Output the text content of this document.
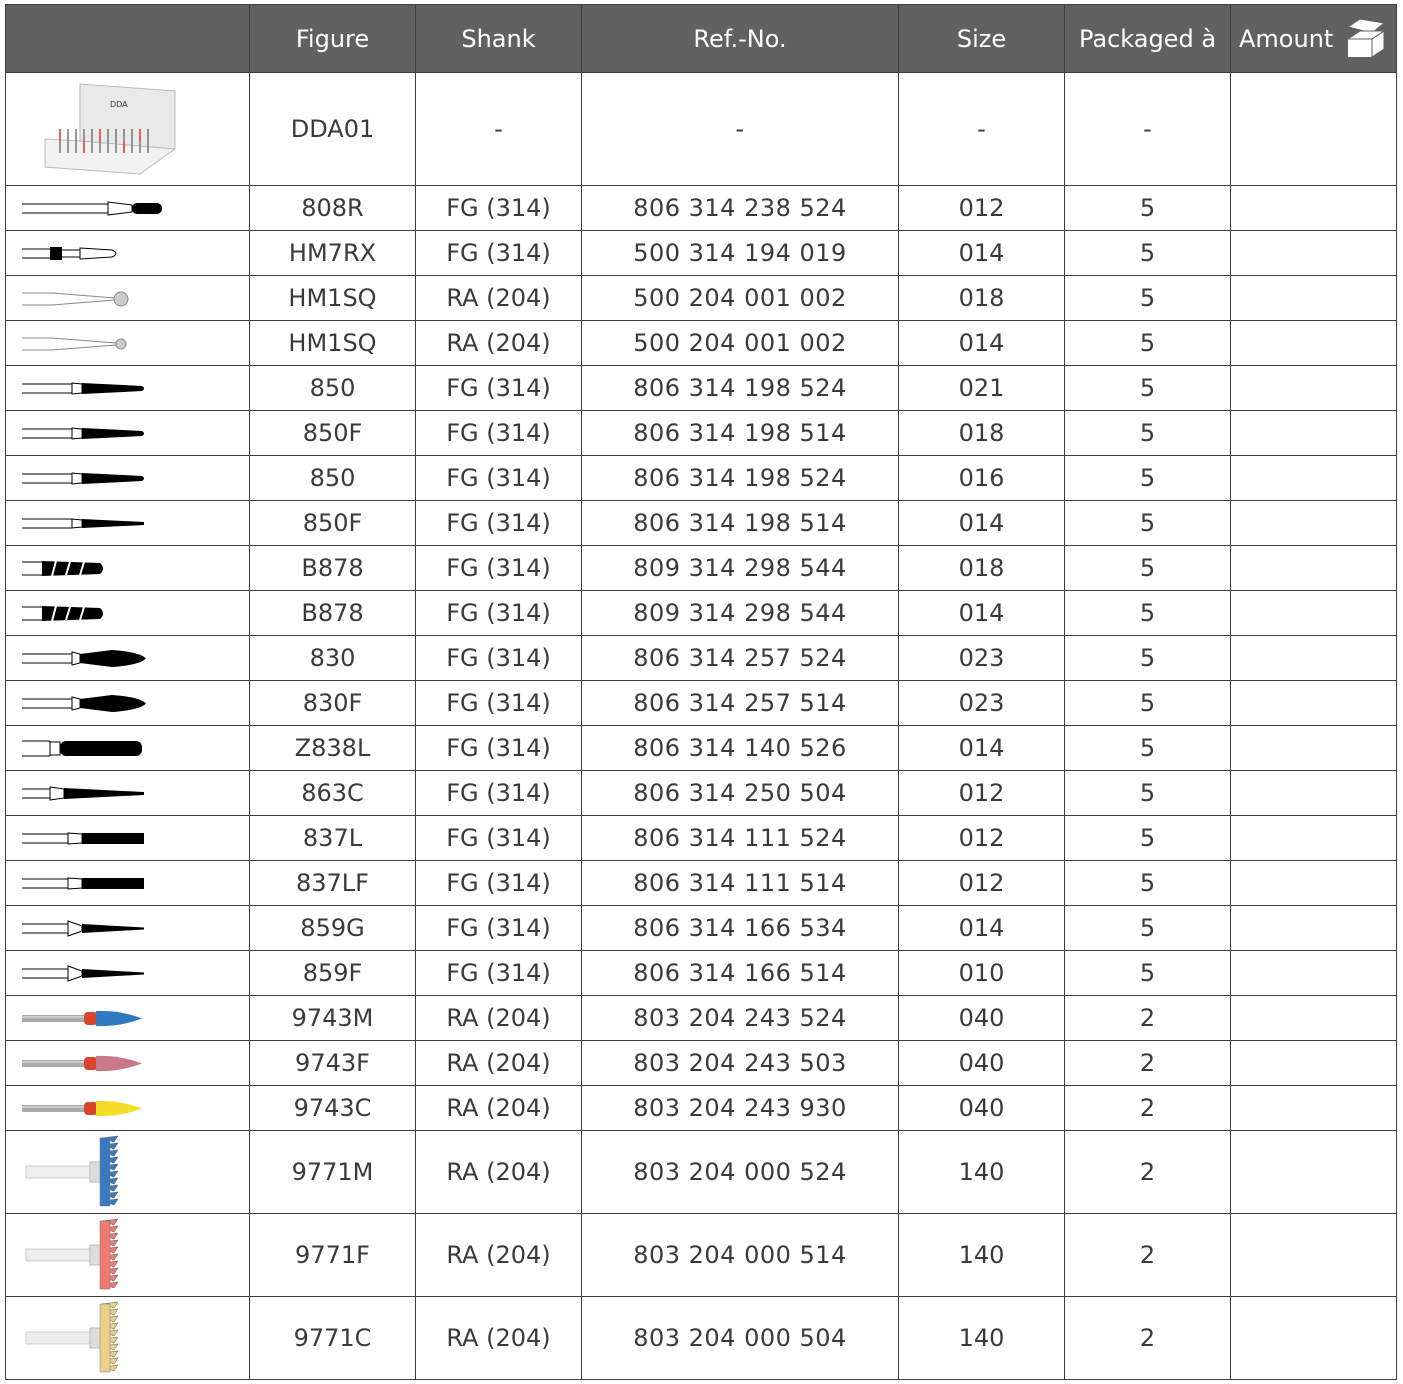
	Figure	Shank	Ref.-No.	Size	Packaged à	Amount

DDA	DDA01	-	-	-	-	

	808R	FG (314)	806 314 238 524	012	5	

	HM7RX	FG (314)	500 314 194 019	014	5	

	HM1SQ	RA (204)	500 204 001 002	018	5	

	HM1SQ	RA (204)	500 204 001 002	014	5	

	850	FG (314)	806 314 198 524	021	5	

	850F	FG (314)	806 314 198 514	018	5	

	850	FG (314)	806 314 198 524	016	5	

	850F	FG (314)	806 314 198 514	014	5	

	B878	FG (314)	809 314 298 544	018	5	

	B878	FG (314)	809 314 298 544	014	5	

	830	FG (314)	806 314 257 524	023	5	

	830F	FG (314)	806 314 257 514	023	5	

	Z838L	FG (314)	806 314 140 526	014	5	

	863C	FG (314)	806 314 250 504	012	5	

	837L	FG (314)	806 314 111 524	012	5	

	837LF	FG (314)	806 314 111 514	012	5	

	859G	FG (314)	806 314 166 534	014	5	

	859F	FG (314)	806 314 166 514	010	5	

	9743M	RA (204)	803 204 243 524	040	2	

	9743F	RA (204)	803 204 243 503	040	2	

	9743C	RA (204)	803 204 243 930	040	2	

	9771M	RA (204)	803 204 000 524	140	2	

	9771F	RA (204)	803 204 000 514	140	2	

	9771C	RA (204)	803 204 000 504	140	2	
